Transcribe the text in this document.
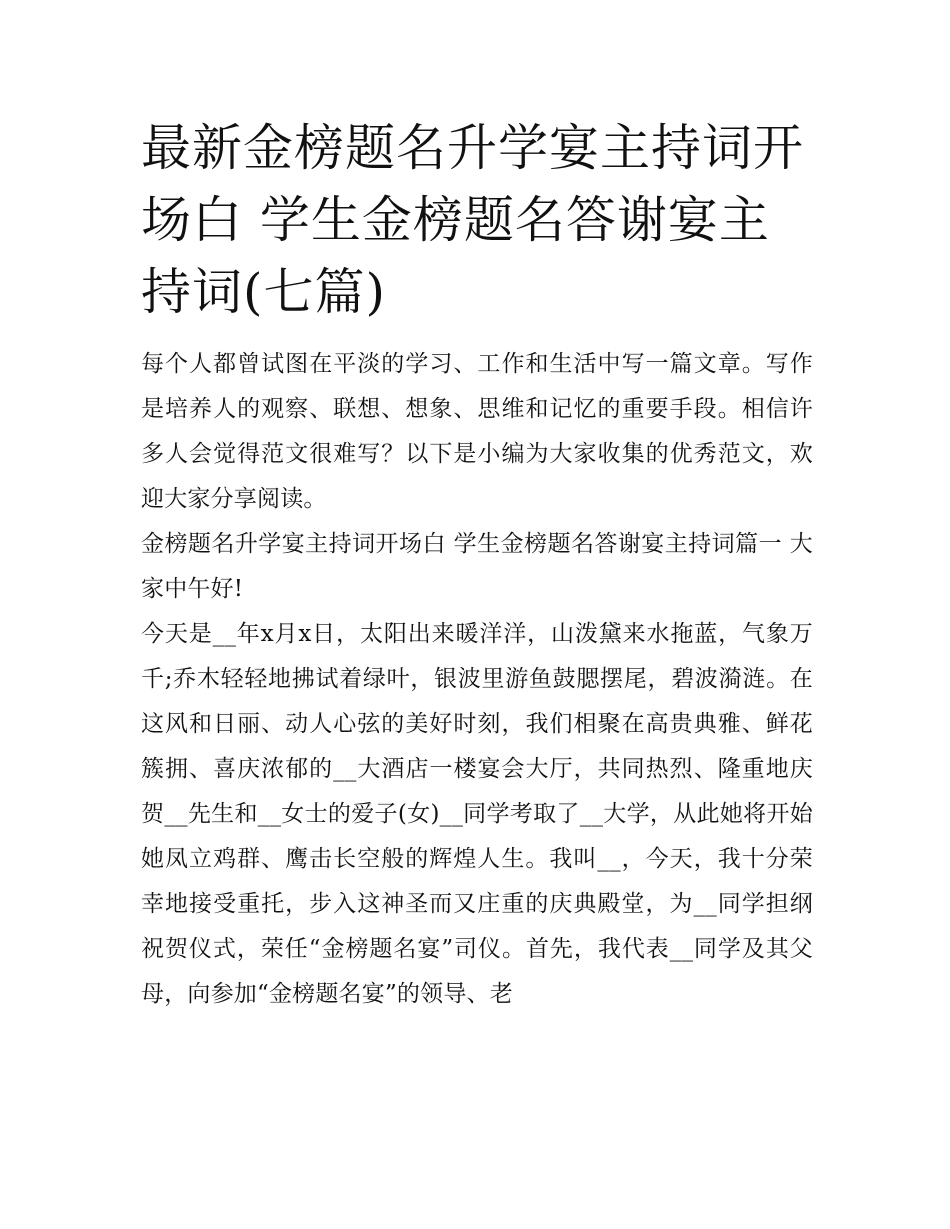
最新金榜题名升学宴主持词开场白 学生金榜题名答谢宴主持词(七篇)

每个人都曾试图在平淡的学习、工作和生活中写一篇文章。写作是培养人的观察、联想、想象、思维和记忆的重要手段。相信许多人会觉得范文很难写？以下是小编为大家收集的优秀范文，欢迎大家分享阅读。

金榜题名升学宴主持词开场白 学生金榜题名答谢宴主持词篇一 大家中午好!

今天是__年x月x日，太阳出来暖洋洋，山泼黛来水拖蓝，气象万千;乔木轻轻地拂试着绿叶，银波里游鱼鼓腮摆尾，碧波漪涟。在这风和日丽、动人心弦的美好时刻，我们相聚在高贵典雅、鲜花簇拥、喜庆浓郁的__大酒店一楼宴会大厅，共同热烈、隆重地庆贺__先生和__女士的爱子(女)__同学考取了__大学，从此她将开始她凤立鸡群、鹰击长空般的辉煌人生。我叫__，今天，我十分荣幸地接受重托，步入这神圣而又庄重的庆典殿堂，为__同学担纲祝贺仪式，荣任“金榜题名宴”司仪。首先，我代表__同学及其父母，向参加“金榜题名宴”的领导、老
